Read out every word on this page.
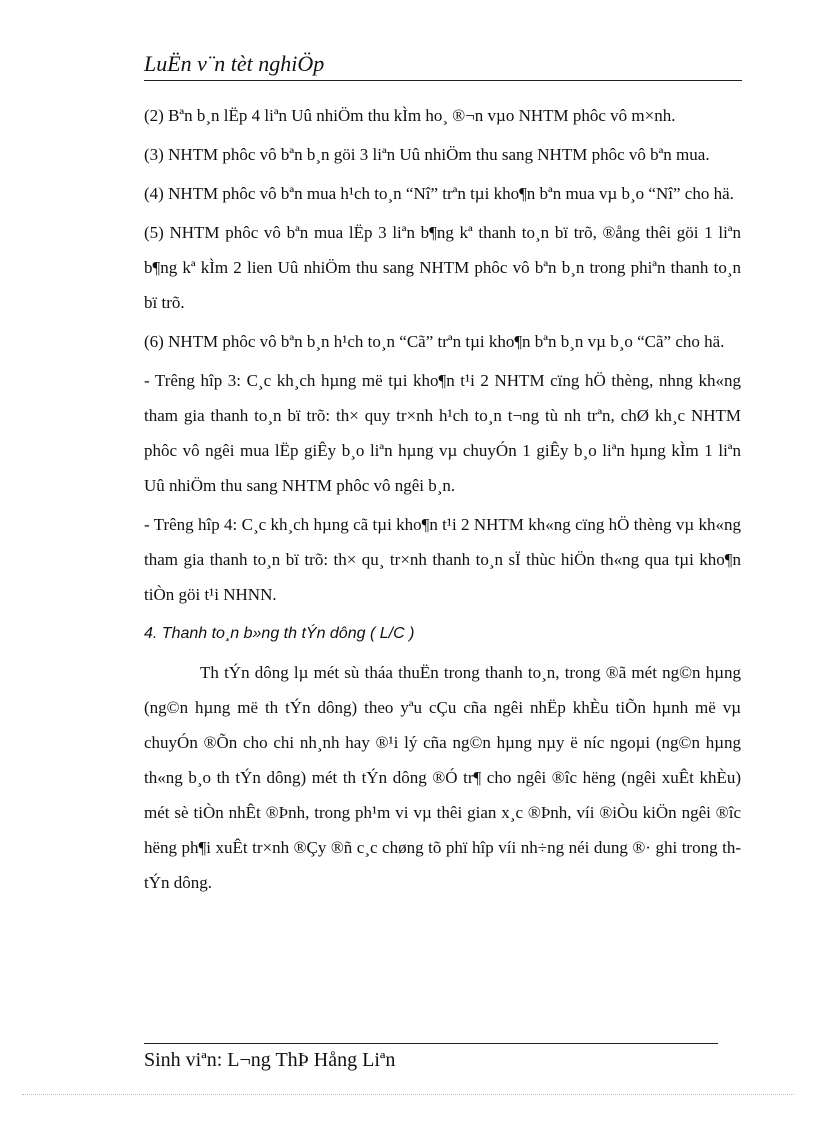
LuËn v¨n tèt nghiÖp

(2) Bªn b¸n lËp 4 liªn Uû nhiÖm thu kÌm ho¸ ®¬n vµo NHTM phôc vô m×nh.

(3) NHTM phôc vô bªn b¸n göi 3 liªn Uû nhiÖm thu sang NHTM phôc vô bªn mua.

(4) NHTM phôc vô bªn mua h¹ch to¸n “Nî” trªn tµi kho¶n bªn mua vµ b¸o “Nî” cho hä.

(5) NHTM phôc vô bªn mua lËp 3 liªn b¶ng kª thanh to¸n bï trõ, ®ång thêi göi 1 liªn b¶ng kª kÌm 2 lien Uû nhiÖm thu sang NHTM phôc vô bªn b¸n trong phiªn thanh to¸n bï trõ.

(6) NHTM phôc vô bªn b¸n h¹ch to¸n “Cã” trªn tµi kho¶n bªn b¸n vµ b¸o “Cã” cho hä.

- Trêng hîp 3: C¸c kh¸ch hµng më tµi kho¶n t¹i 2 NHTM cïng hÖ thèng, nhng kh«ng tham gia thanh to¸n bï trõ: th× quy tr×nh h¹ch to¸n t¬ng tù nh trªn, chØ kh¸c NHTM phôc vô ngêi mua lËp giÊy b¸o liªn hµng vµ chuyÓn 1 giÊy b¸o liªn hµng kÌm 1 liªn Uû nhiÖm thu sang NHTM phôc vô ngêi b¸n.

- Trêng hîp 4: C¸c kh¸ch hµng cã tµi kho¶n t¹i 2 NHTM kh«ng cïng hÖ thèng vµ kh«ng tham gia thanh to¸n bï trõ: th× qu¸ tr×nh thanh to¸n sÏ thùc hiÖn th«ng qua tµi kho¶n tiÒn göi t¹i NHNN.

4. Thanh to¸n b»ng th tÝn dông ( L/C )

Th tÝn dông lµ mét sù tháa thuËn trong thanh to¸n, trong ®ã mét ng©n hµng (ng©n hµng më th tÝn dông) theo yªu cÇu cña ngêi nhËp khÈu tiÕn hµnh më vµ chuyÓn ®Õn cho chi nh¸nh hay ®¹i lý cña ng©n hµng nµy ë níc ngoµi (ng©n hµng th«ng b¸o th tÝn dông) mét th tÝn dông ®Ó tr¶ cho ngêi ®îc hëng (ngêi xuÊt khÈu) mét sè tiÒn nhÊt ®Þnh, trong ph¹m vi vµ thêi gian x¸c ®Þnh, víi ®iÒu kiÖn ngêi ®îc hëng ph¶i xuÊt tr×nh ®Çy ®ñ c¸c chøng tõ phï hîp víi nh÷ng néi dung ®· ghi trong th tÝn dông.

Sinh viªn: L¬ng ThÞ Hång Liªn
